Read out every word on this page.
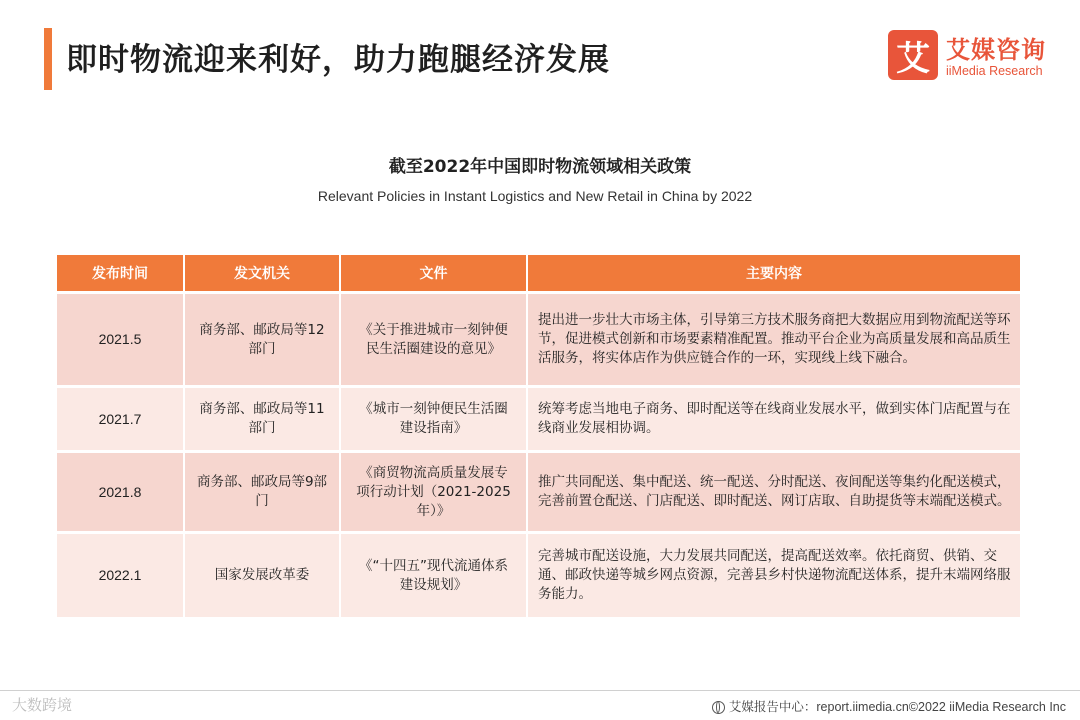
即时物流迎来利好，助力跑腿经济发展	艾 艾媒咨询
iiMedia Research
截至2022年中国即时物流领域相关政策
Relevant Policies in Instant Logistics and New Retail in China by 2022
发布时间	发文机关	文件	主要内容
2021.5	商务部、邮政局等12部门	《关于推进城市一刻钟便民生活圈建设的意见》	提出进一步壮大市场主体，引导第三方技术服务商把大数据应用到物流配送等环节，促进模式创新和市场要素精准配置。推动平台企业为高质量发展和高品质生活服务，将实体店作为供应链合作的一环，实现线上线下融合。
2021.7	商务部、邮政局等11部门	《城市一刻钟便民生活圈建设指南》	统筹考虑当地电子商务、即时配送等在线商业发展水平，做到实体门店配置与在线商业发展相协调。
2021.8	商务部、邮政局等9部门	《商贸物流高质量发展专项行动计划（2021-2025年）》	推广共同配送、集中配送、统一配送、分时配送、夜间配送等集约化配送模式，完善前置仓配送、门店配送、即时配送、网订店取、自助提货等末端配送模式。
2022.1	国家发展改革委	《“十四五”现代流通体系建设规划》	完善城市配送设施，大力发展共同配送，提高配送效率。依托商贸、供销、交通、邮政快递等城乡网点资源，完善县乡村快递物流配送体系，提升末端网络服务能力。
大数跨境	艾媒报告中心：report.iimedia.cn©2022 iiMedia Research Inc
